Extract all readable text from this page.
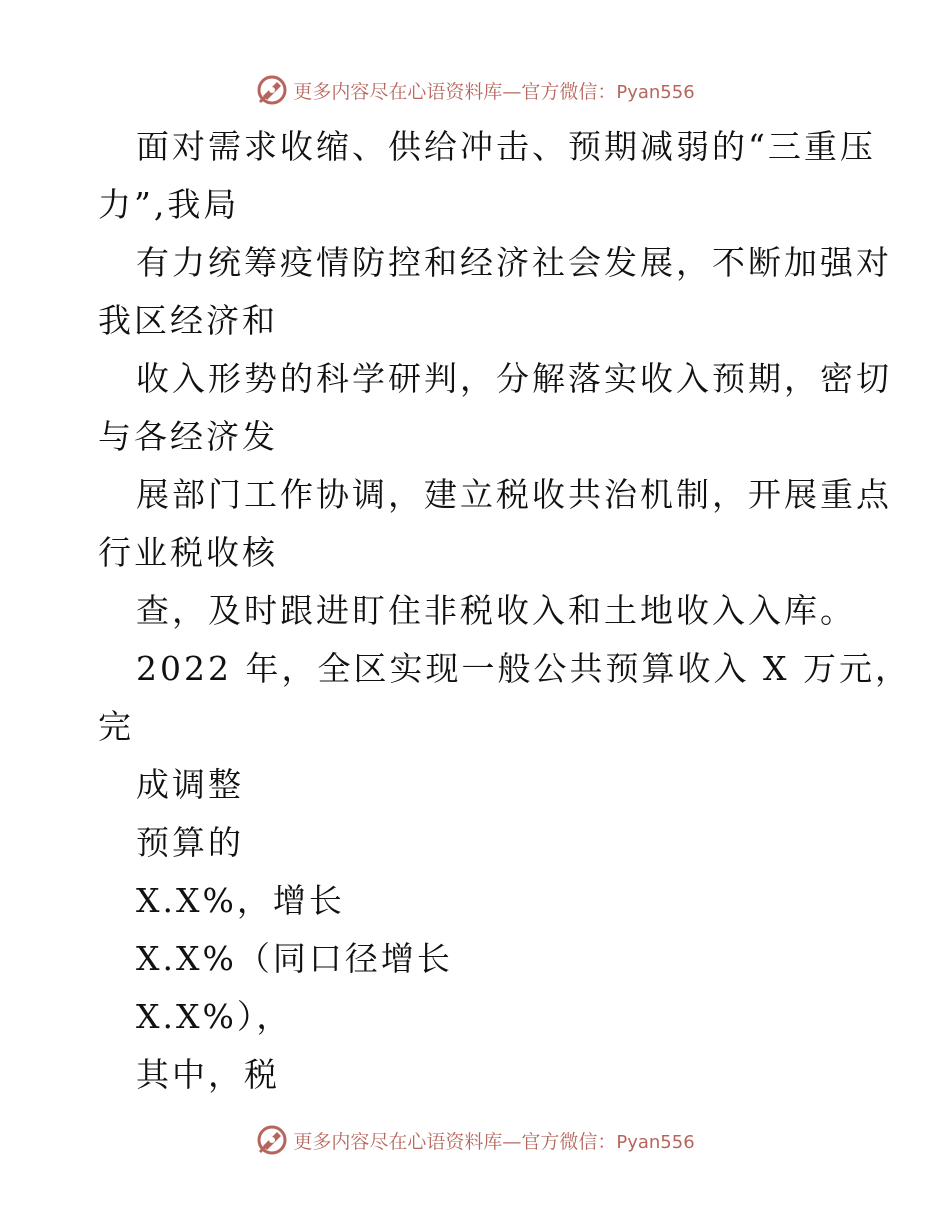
更多内容尽在心语资料库—官方微信：Pyan556
面对需求收缩、供给冲击、预期减弱的“三重压
力”,我局
有力统筹疫情防控和经济社会发展，不断加强对
我区经济和
收入形势的科学研判，分解落实收入预期，密切
与各经济发
展部门工作协调，建立税收共治机制，开展重点
行业税收核
查，及时跟进盯住非税收入和土地收入入库。
2022 年，全区实现一般公共预算收入 X 万元，
完
成调整
预算的
X.X%，增长
X.X%（同口径增长
X.X%），
其中，税
更多内容尽在心语资料库—官方微信：Pyan556
